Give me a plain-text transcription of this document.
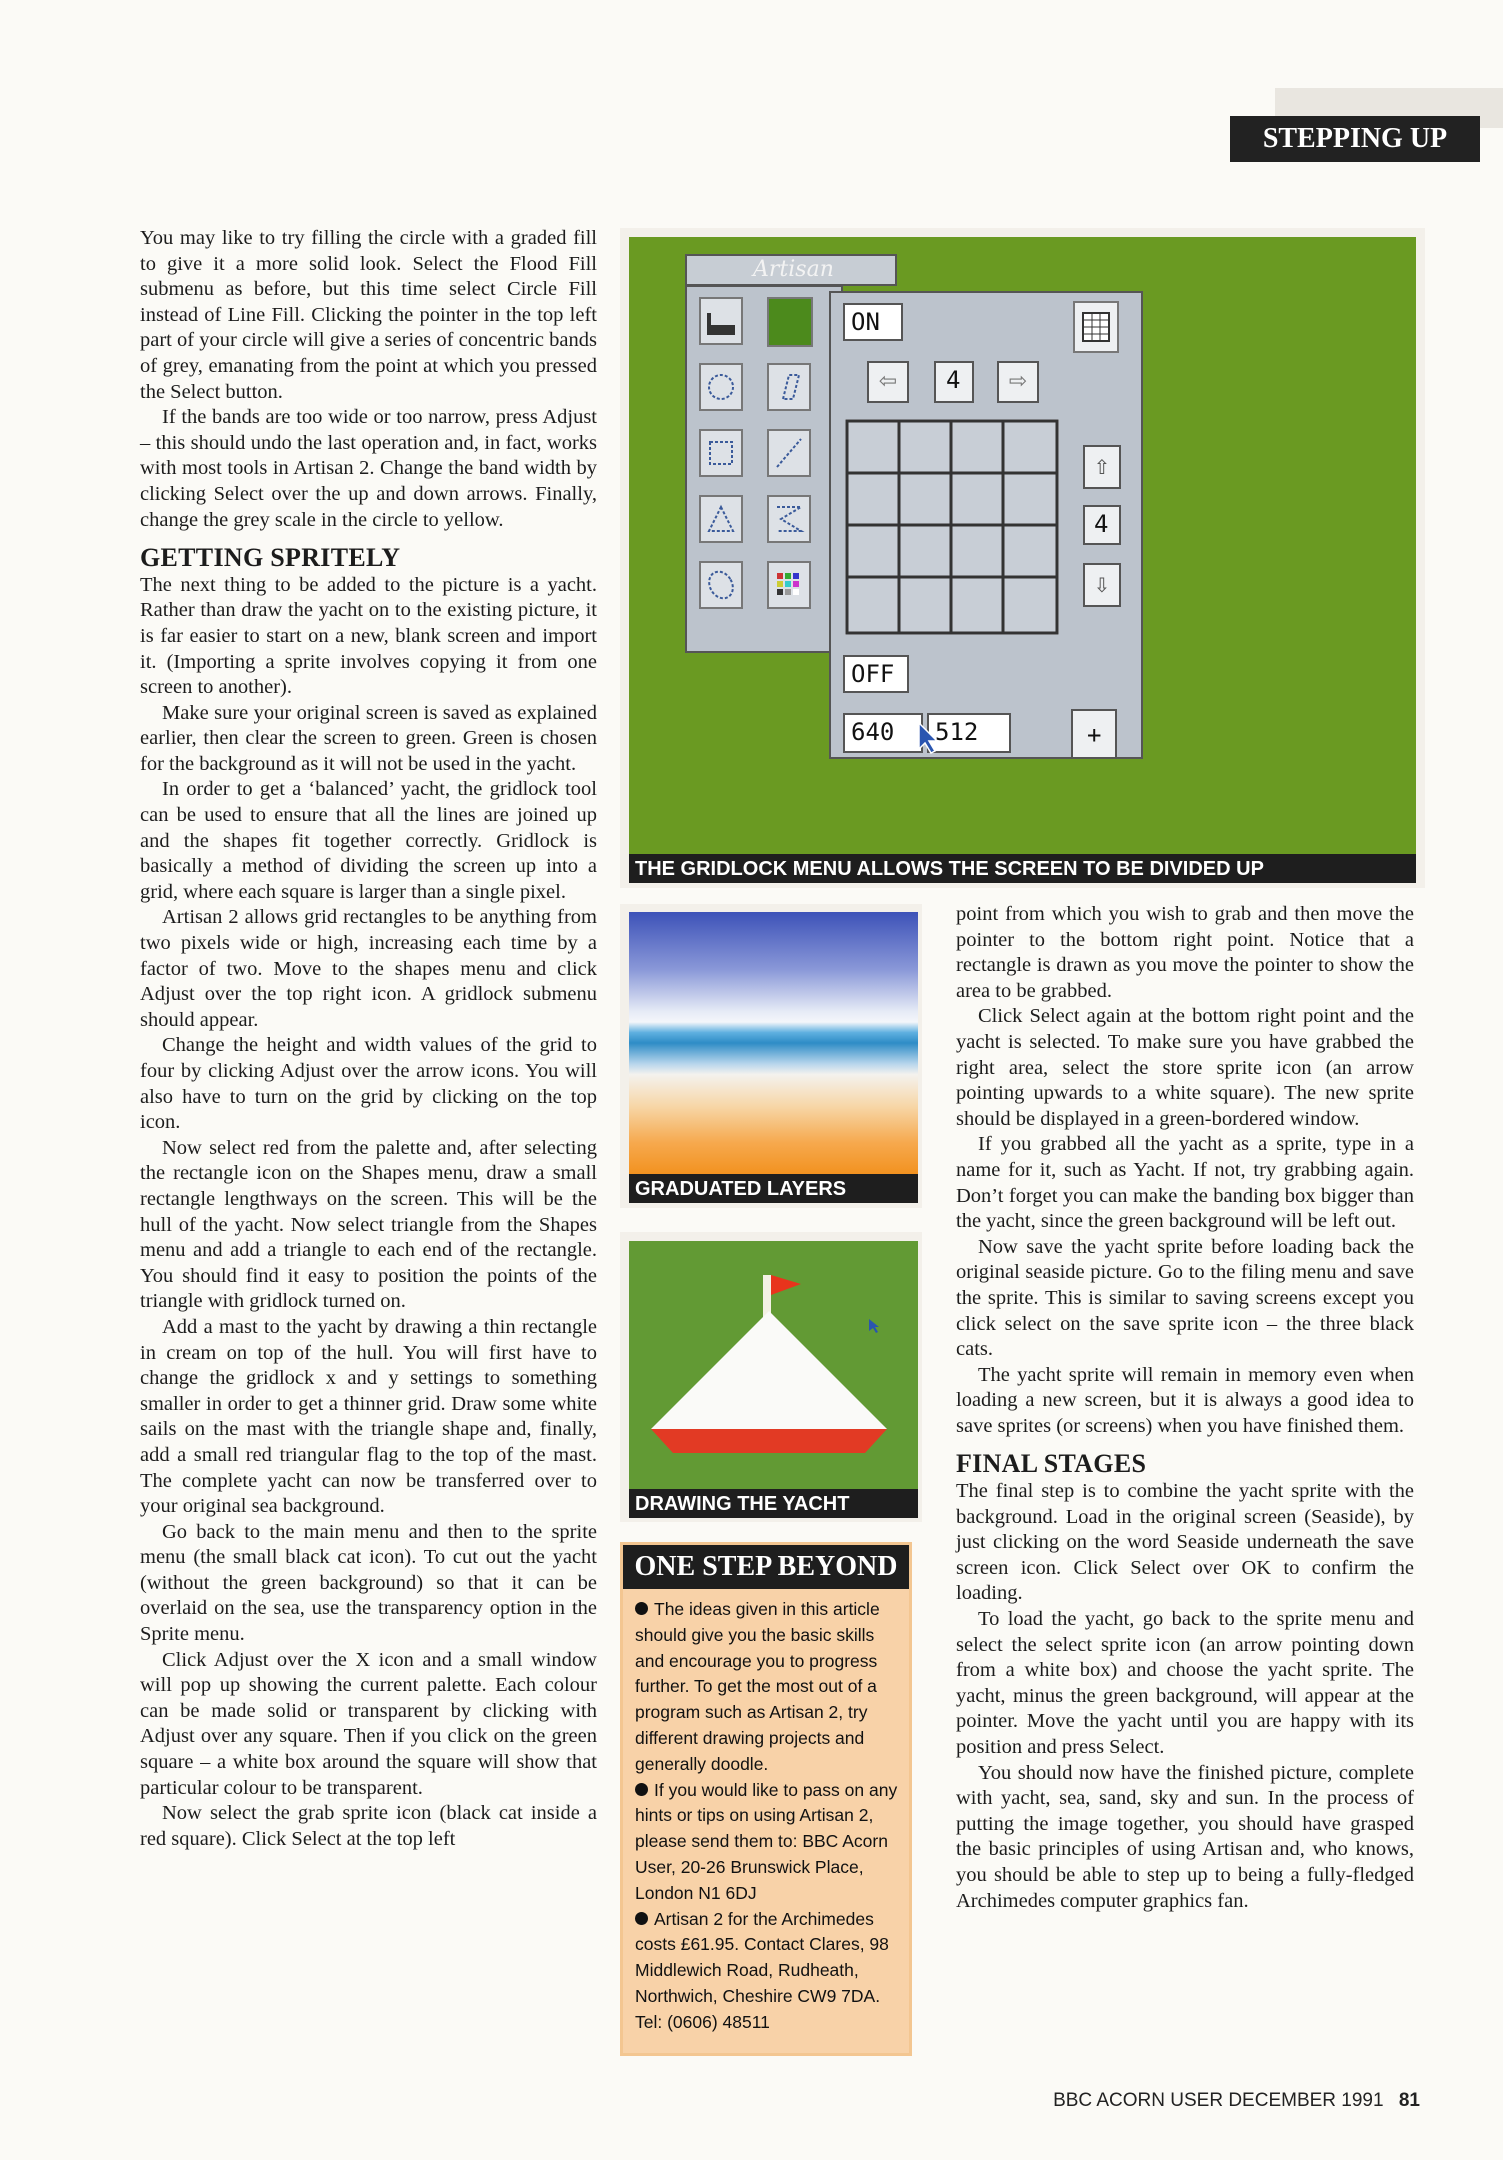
STEPPING UP

You may like to try filling the circle with a graded fill to give it a more solid look. Select the Flood Fill submenu as before, but this time select Circle Fill instead of Line Fill. Clicking the pointer in the top left part of your circle will give a series of concentric bands of grey, emanating from the point at which you pressed the Select button.

If the bands are too wide or too narrow, press Adjust – this should undo the last operation and, in fact, works with most tools in Artisan 2. Change the band width by clicking Select over the up and down arrows. Finally, change the grey scale in the circle to yellow.

GETTING SPRITELY

The next thing to be added to the picture is a yacht. Rather than draw the yacht on to the existing picture, it is far easier to start on a new, blank screen and import it. (Importing a sprite involves copying it from one screen to another).

Make sure your original screen is saved as explained earlier, then clear the screen to green. Green is chosen for the background as it will not be used in the yacht.

In order to get a ‘balanced’ yacht, the gridlock tool can be used to ensure that all the lines are joined up and the shapes fit together correctly. Gridlock is basically a method of dividing the screen up into a grid, where each square is larger than a single pixel.

Artisan 2 allows grid rectangles to be anything from two pixels wide or high, increasing each time by a factor of two. Move to the shapes menu and click Adjust over the top right icon. A gridlock submenu should appear.

Change the height and width values of the grid to four by clicking Adjust over the arrow icons. You will also have to turn on the grid by clicking on the top icon.

Now select red from the palette and, after selecting the rectangle icon on the Shapes menu, draw a small rectangle lengthways on the screen. This will be the hull of the yacht. Now select triangle from the Shapes menu and add a triangle to each end of the rectangle. You should find it easy to position the points of the triangle with gridlock turned on.

Add a mast to the yacht by drawing a thin rectangle in cream on top of the hull. You will first have to change the gridlock x and y settings to something smaller in order to get a thinner grid. Draw some white sails on the mast with the triangle shape and, finally, add a small red triangular flag to the top of the mast. The complete yacht can now be transferred over to your original sea background.

Go back to the main menu and then to the sprite menu (the small black cat icon). To cut out the yacht (without the green background) so that it can be overlaid on the sea, use the transparency option in the Sprite menu.

Click Adjust over the X icon and a small window will pop up showing the current palette. Each colour can be made solid or transparent by clicking with Adjust over any square. Then if you click on the green square – a white box around the square will show that particular colour to be transparent.

Now select the grab sprite icon (black cat inside a red square). Click Select at the top left

Artisan
ON
⇦	4	⇨
⇧
4
⇩
OFF
640	512	+
THE GRIDLOCK MENU ALLOWS THE SCREEN TO BE DIVIDED UP
GRADUATED LAYERS
DRAWING THE YACHT
ONE STEP BEYOND

The ideas given in this article should give you the basic skills and encourage you to progress further. To get the most out of a program such as Artisan 2, try different drawing projects and generally doodle.

If you would like to pass on any hints or tips on using Artisan 2, please send them to: BBC Acorn User, 20-26 Brunswick Place, London N1 6DJ

Artisan 2 for the Archimedes costs £61.95. Contact Clares, 98 Middlewich Road, Rudheath, Northwich, Cheshire CW9 7DA. Tel: (0606) 48511

point from which you wish to grab and then move the pointer to the bottom right point. Notice that a rectangle is drawn as you move the pointer to show the area to be grabbed.

Click Select again at the bottom right point and the yacht is selected. To make sure you have grabbed the right area, select the store sprite icon (an arrow pointing upwards to a white square). The new sprite should be displayed in a green-bordered window.

If you grabbed all the yacht as a sprite, type in a name for it, such as Yacht. If not, try grabbing again. Don’t forget you can make the banding box bigger than the yacht, since the green background will be left out.

Now save the yacht sprite before loading back the original seaside picture. Go to the filing menu and save the sprite. This is similar to saving screens except you click select on the save sprite icon – the three black cats.

The yacht sprite will remain in memory even when loading a new screen, but it is always a good idea to save sprites (or screens) when you have finished them.

FINAL STAGES

The final step is to combine the yacht sprite with the background. Load in the original screen (Seaside), by just clicking on the word Seaside underneath the save screen icon. Click Select over OK to confirm the loading.

To load the yacht, go back to the sprite menu and select the select sprite icon (an arrow pointing down from a white box) and choose the yacht sprite. The yacht, minus the green background, will appear at the pointer. Move the yacht until you are happy with its position and press Select.

You should now have the finished picture, complete with yacht, sea, sand, sky and sun. In the process of putting the image together, you should have grasped the basic principles of using Artisan and, who knows, you should be able to step up to being a fully-fledged Archimedes computer graphics fan.

BBC ACORN USER DECEMBER 1991 81
